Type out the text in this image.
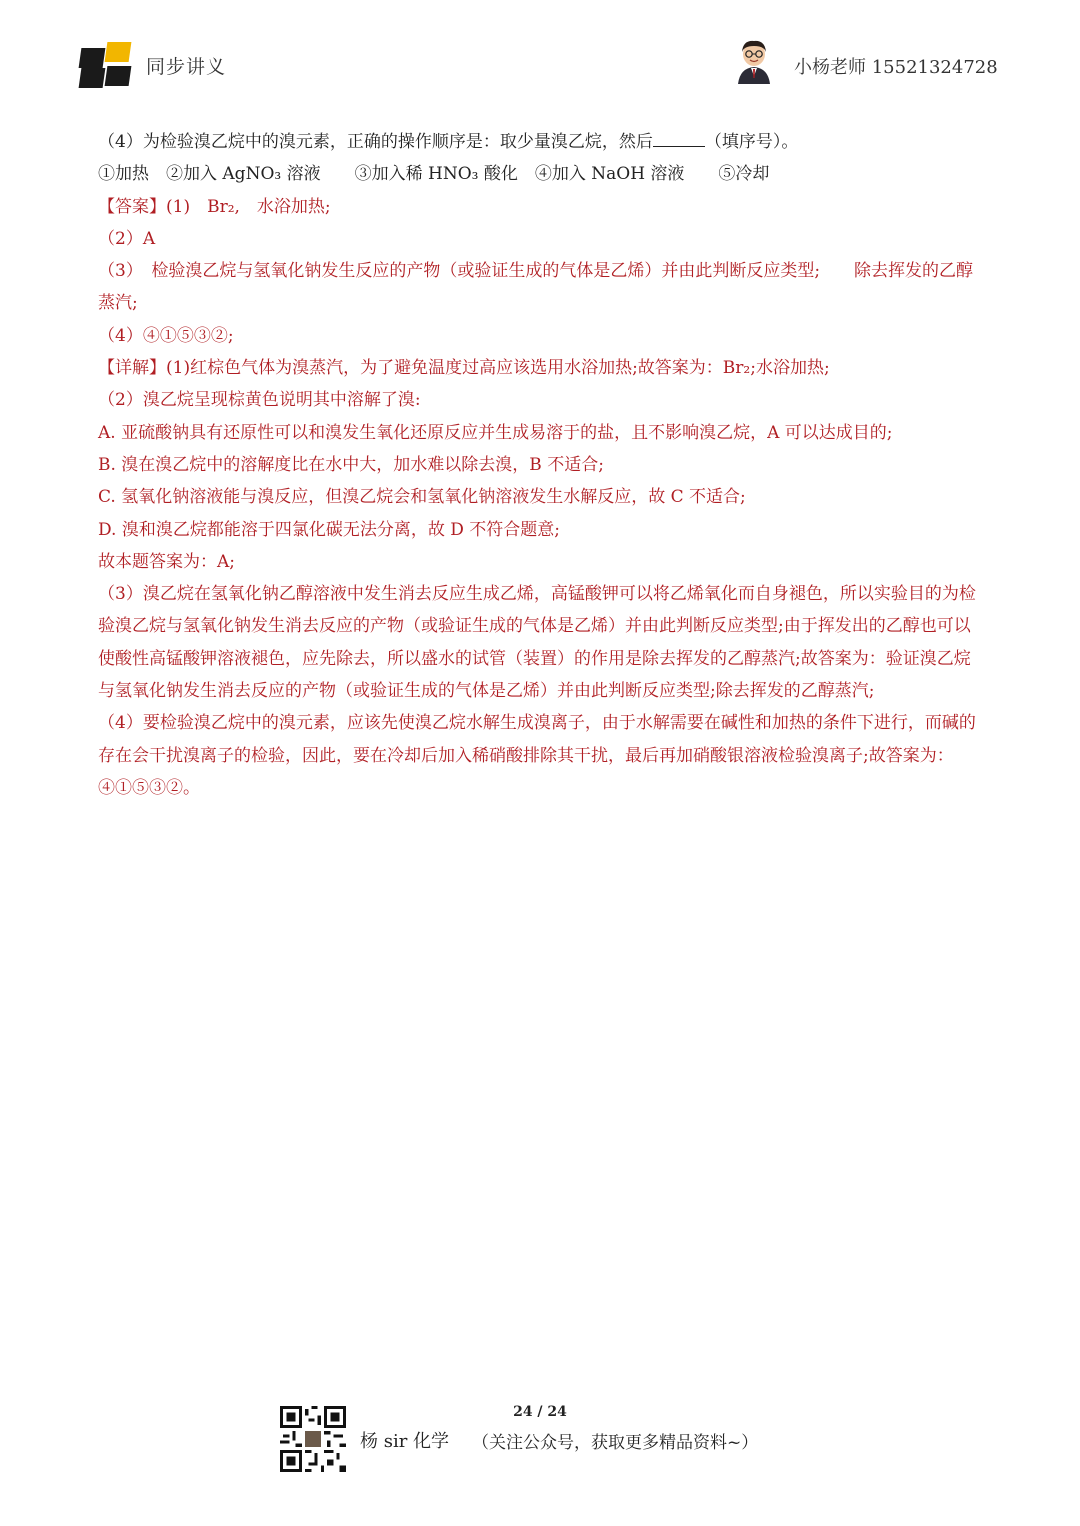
同步讲义	小杨老师 15521324728

（4）为检验溴乙烷中的溴元素，正确的操作顺序是：取少量溴乙烷，然后	（填序号）。

①加热　②加入 AgNO₃ 溶液　　③加入稀 HNO₃ 酸化　④加入 NaOH 溶液　　⑤冷却

【答案】(1)　Br₂,　水浴加热;

（2）A

（3）　检验溴乙烷与氢氧化钠发生反应的产物（或验证生成的气体是乙烯）并由此判断反应类型;　　除去挥发的乙醇蒸汽;

（4）④①⑤③②;

【详解】(1)红棕色气体为溴蒸汽，为了避免温度过高应该选用水浴加热;故答案为：Br₂;水浴加热;

（2）溴乙烷呈现棕黄色说明其中溶解了溴:

A. 亚硫酸钠具有还原性可以和溴发生氧化还原反应并生成易溶于的盐，且不影响溴乙烷，A 可以达成目的;

B. 溴在溴乙烷中的溶解度比在水中大，加水难以除去溴，B 不适合;

C. 氢氧化钠溶液能与溴反应，但溴乙烷会和氢氧化钠溶液发生水解反应，故 C 不适合;

D. 溴和溴乙烷都能溶于四氯化碳无法分离，故 D 不符合题意;

故本题答案为：A;

（3）溴乙烷在氢氧化钠乙醇溶液中发生消去反应生成乙烯，高锰酸钾可以将乙烯氧化而自身褪色，所以实验目的为检验溴乙烷与氢氧化钠发生消去反应的产物（或验证生成的气体是乙烯）并由此判断反应类型;由于挥发出的乙醇也可以使酸性高锰酸钾溶液褪色，应先除去，所以盛水的试管（装置）的作用是除去挥发的乙醇蒸汽;故答案为：验证溴乙烷与氢氧化钠发生消去反应的产物（或验证生成的气体是乙烯）并由此判断反应类型;除去挥发的乙醇蒸汽;

（4）要检验溴乙烷中的溴元素，应该先使溴乙烷水解生成溴离子，由于水解需要在碱性和加热的条件下进行，而碱的存在会干扰溴离子的检验，因此，要在冷却后加入稀硝酸排除其干扰，最后再加硝酸银溶液检验溴离子;故答案为：④①⑤③②。

24 / 24
杨 sir 化学 （关注公众号，获取更多精品资料~）
